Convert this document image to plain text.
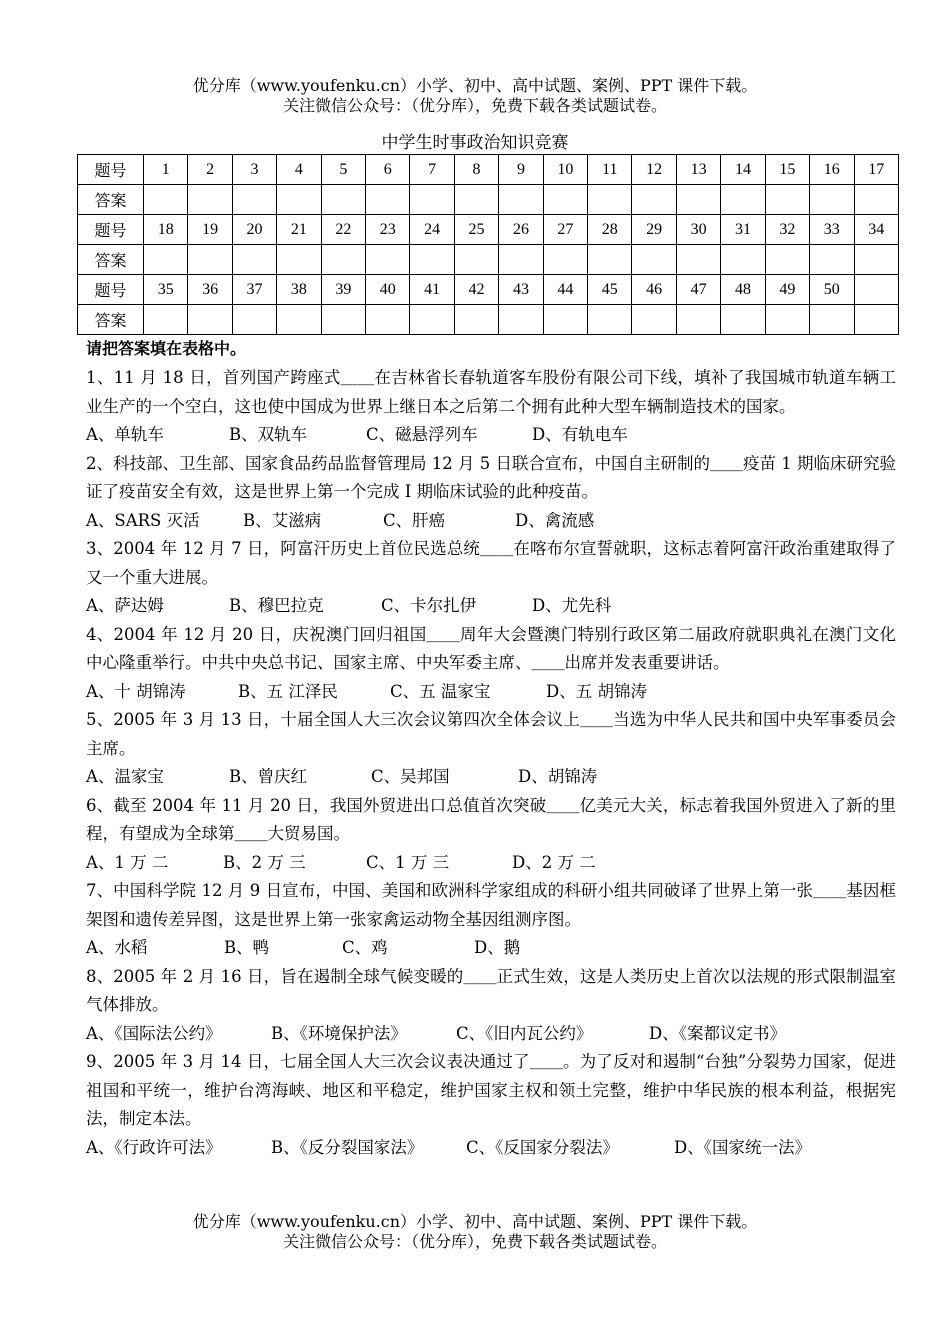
优分库（www.youfenku.cn）小学、初中、高中试题、案例、PPT 课件下载。
关注微信公众号：（优分库），免费下载各类试题试卷。
中学生时事政治知识竞赛
题号	1	2	3	4	5	6	7	8	9	10	11	12	13	14	15	16	17
答案																	
题号	18	19	20	21	22	23	24	25	26	27	28	29	30	31	32	33	34
答案																	
题号	35	36	37	38	39	40	41	42	43	44	45	46	47	48	49	50	
答案																	
请把答案填在表格中。
1、11 月 18 日，首列国产跨座式＿＿在吉林省长春轨道客车股份有限公司下线，填补了我国城市轨道车辆工业生产的一个空白，这也使中国成为世界上继日本之后第二个拥有此种大型车辆制造技术的国家。
A、单轨车	B、双轨车	C、磁悬浮列车	D、有轨电车
2、科技部、卫生部、国家食品药品监督管理局 12 月 5 日联合宣布，中国自主研制的＿＿疫苗 1 期临床研究验证了疫苗安全有效，这是世界上第一个完成 I 期临床试验的此种疫苗。
A、SARS 灭活	B、艾滋病	C、肝癌	D、禽流感
3、2004 年 12 月 7 日，阿富汗历史上首位民选总统＿＿在喀布尔宣誓就职，这标志着阿富汗政治重建取得了又一个重大进展。
A、萨达姆	B、穆巴拉克	C、卡尔扎伊	D、尤先科
4、2004 年 12 月 20 日，庆祝澳门回归祖国＿＿周年大会暨澳门特别行政区第二届政府就职典礼在澳门文化中心隆重举行。中共中央总书记、国家主席、中央军委主席、＿＿出席并发表重要讲话。
A、十 胡锦涛	B、五 江泽民	C、五 温家宝	D、五 胡锦涛
5、2005 年 3 月 13 日，十届全国人大三次会议第四次全体会议上＿＿当选为中华人民共和国中央军事委员会主席。
A、温家宝	B、曾庆红	C、吴邦国	D、胡锦涛
6、截至 2004 年 11 月 20 日，我国外贸进出口总值首次突破＿＿亿美元大关，标志着我国外贸进入了新的里程，有望成为全球第＿＿大贸易国。
A、1 万 二	B、2 万 三	C、1 万 三	D、2 万 二
7、中国科学院 12 月 9 日宣布，中国、美国和欧洲科学家组成的科研小组共同破译了世界上第一张＿＿基因框架图和遗传差异图，这是世界上第一张家禽运动物全基因组测序图。
A、水稻	B、鸭	C、鸡	D、鹅
8、2005 年 2 月 16 日，旨在遏制全球气候变暖的＿＿正式生效，这是人类历史上首次以法规的形式限制温室气体排放。
A、《国际法公约》	B、《环境保护法》	C、《旧内瓦公约》	D、《案都议定书》
9、2005 年 3 月 14 日，七届全国人大三次会议表决通过了＿＿。为了反对和遏制“台独”分裂势力国家，促进祖国和平统一，维护台湾海峡、地区和平稳定，维护国家主权和领土完整，维护中华民族的根本利益，根据宪法，制定本法。
A、《行政许可法》	B、《反分裂国家法》	C、《反国家分裂法》	D、《国家统一法》
优分库（www.youfenku.cn）小学、初中、高中试题、案例、PPT 课件下载。
关注微信公众号：（优分库），免费下载各类试题试卷。
